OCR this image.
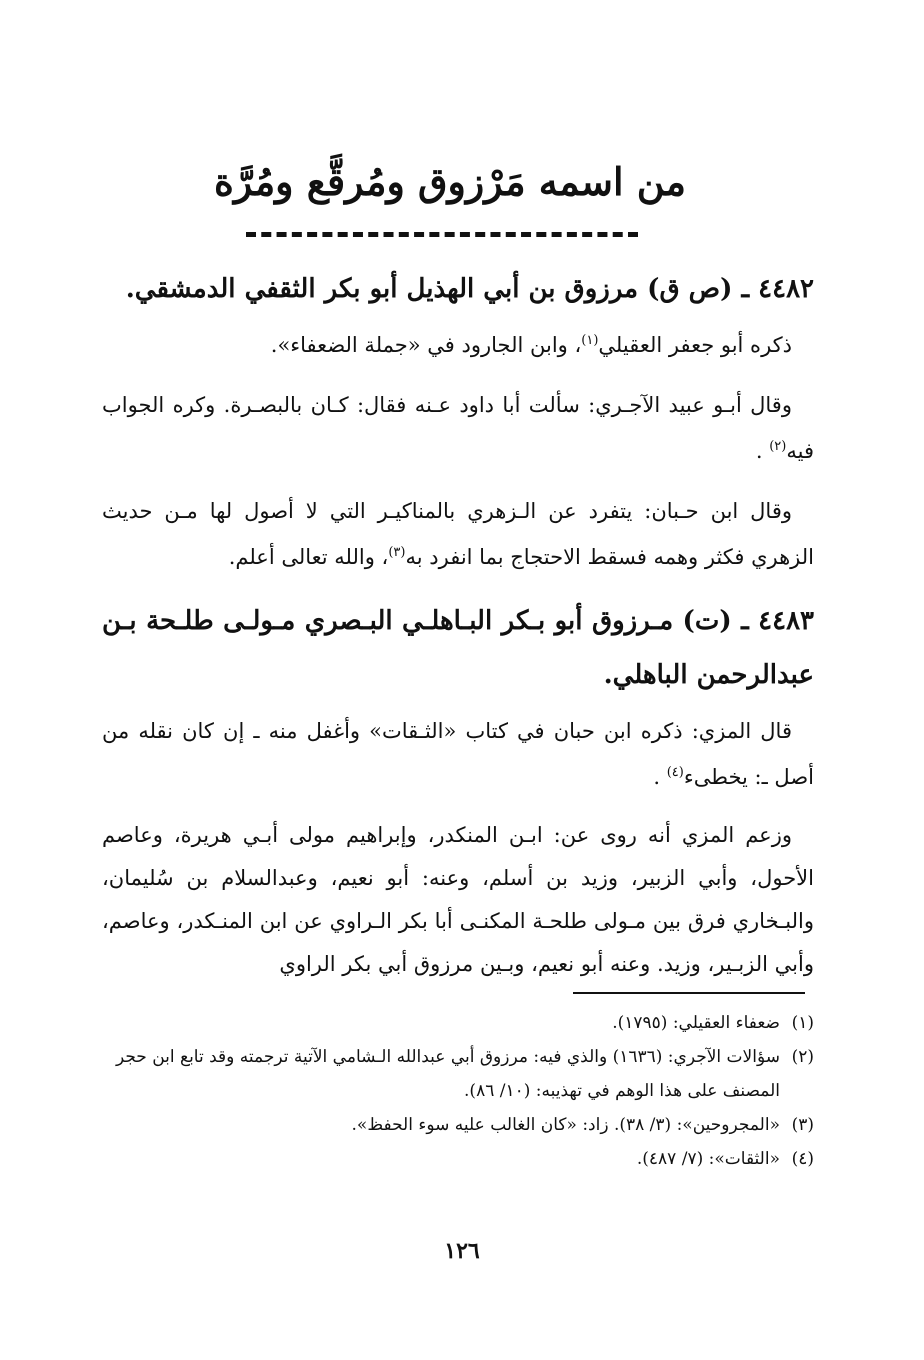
من اسمه مَرْزوق ومُرقَّع ومُرَّة
٤٤٨٢ ـ (ص ق) مرزوق بن أبي الهذيل أبو بكر الثقفي الدمشقي.

ذكره أبو جعفر العقيلي$^{(١)}$، وابن الجارود في «جملة الضعفاء».

وقال أبـو عبيد الآجـري: سألت أبا داود عـنه فقال: كـان بالبصـرة. وكره الجواب فيه$^{(٢)}$ .

وقال ابن حـبان: يتفرد عن الـزهري بالمناكيـر التي لا أصول لها مـن حديث الزهري فكثر وهمه فسقط الاحتجاج بما انفرد به$^{(٣)}$، والله تعالى أعلم.

٤٤٨٣ ـ (ت) مـرزوق أبو بـكر البـاهلـي البـصري مـولـى طلـحة بـن عبدالرحمن الباهلي.

قال المزي: ذكره ابن حبان في كتاب «الثـقات» وأغفل منه ـ إن كان نقله من أصل ـ: يخطىء$^{(٤)}$ .

وزعم المزي أنه روى عن: ابـن المنكدر، وإبراهيم مولى أبـي هريرة، وعاصم الأحول، وأبي الزبير، وزيد بن أسلم، وعنه: أبو نعيم، وعبدالسلام بن سُليمان، والبـخاري فرق بين مـولى طلحـة المكنـى أبا بكر الـراوي عن ابن المنـكدر، وعاصم، وأبي الزبـير، وزيد. وعنه أبو نعيم، وبـين مرزوق أبي بكر الراوي

(١)
ضعفاء العقيلي: (١٧٩٥).

(٢)
سؤالات الآجري: (١٦٣٦) والذي فيه: مرزوق أبي عبدالله الـشامي الآتية ترجمته وقد تابع ابن حجر المصنف على هذا الوهم في تهذيبه: (١٠/ ٨٦).

(٣)
«المجروحين»: (٣/ ٣٨). زاد: «كان الغالب عليه سوء الحفظ».

(٤)
«الثقات»: (٧/ ٤٨٧).

١٢٦
